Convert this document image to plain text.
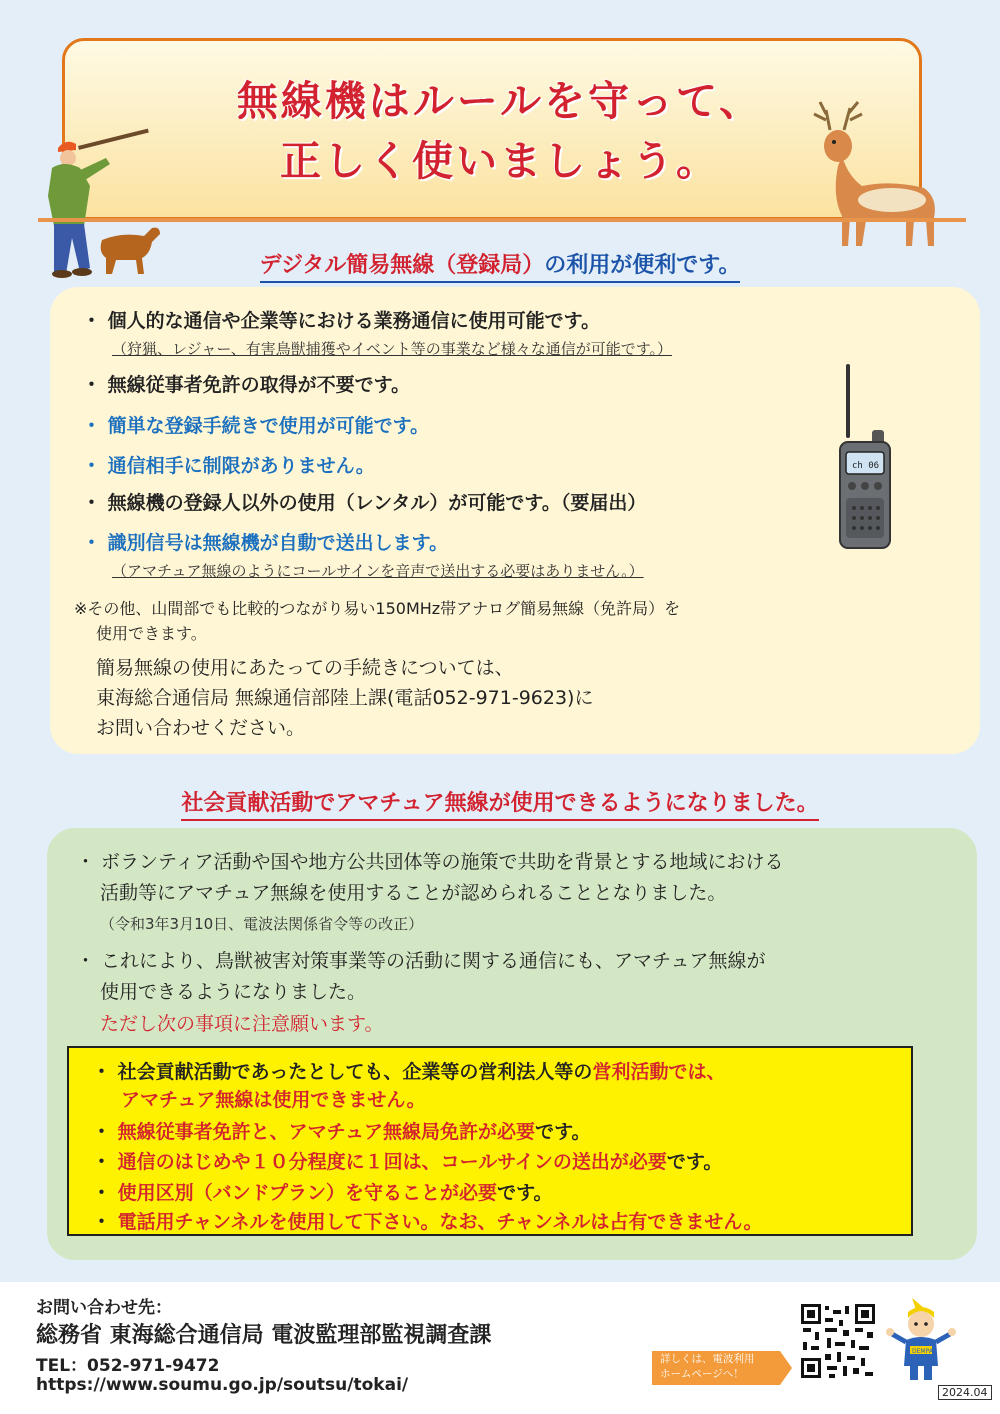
無線機はルールを守って、
正しく使いましょう。
デジタル簡易無線（登録局）の利用が便利です。
・ 個人的な通信や企業等における業務通信に使用可能です。
（狩猟、レジャー、有害鳥獣捕獲やイベント等の事業など様々な通信が可能です。）
・ 無線従事者免許の取得が不要です。
・ 簡単な登録手続きで使用が可能です。
・ 通信相手に制限がありません。
・ 無線機の登録人以外の使用（レンタル）が可能です。（要届出）
・ 識別信号は無線機が自動で送出します。
（アマチュア無線のようにコールサインを音声で送出する必要はありません。）
ch 06
※その他、山間部でも比較的つながり易い150MHz帯アナログ簡易無線（免許局）を
使用できます。
簡易無線の使用にあたっての手続きについては、
東海総合通信局 無線通信部陸上課(電話052-971-9623)に
お問い合わせください。
社会貢献活動でアマチュア無線が使用できるようになりました。
・ ボランティア活動や国や地方公共団体等の施策で共助を背景とする地域における
活動等にアマチュア無線を使用することが認められることとなりました。
（令和3年3月10日、電波法関係省令等の改正）
・ これにより、鳥獣被害対策事業等の活動に関する通信にも、アマチュア無線が
使用できるようになりました。
ただし次の事項に注意願います。
・ 社会貢献活動であったとしても、企業等の営利法人等の営利活動では、
アマチュア無線は使用できません。
・ 無線従事者免許と、アマチュア無線局免許が必要です。
・ 通信のはじめや１０分程度に１回は、コールサインの送出が必要です。
・ 使用区別（バンドプラン）を守ることが必要です。
・ 電話用チャンネルを使用して下さい。なお、チャンネルは占有できません。
お問い合わせ先：
総務省 東海総合通信局 電波監理部監視調査課
TEL：052-971-9472
https://www.soumu.go.jp/soutsu/tokai/
詳しくは、電波利用
ホームページへ！
DEMPA
2024.04
